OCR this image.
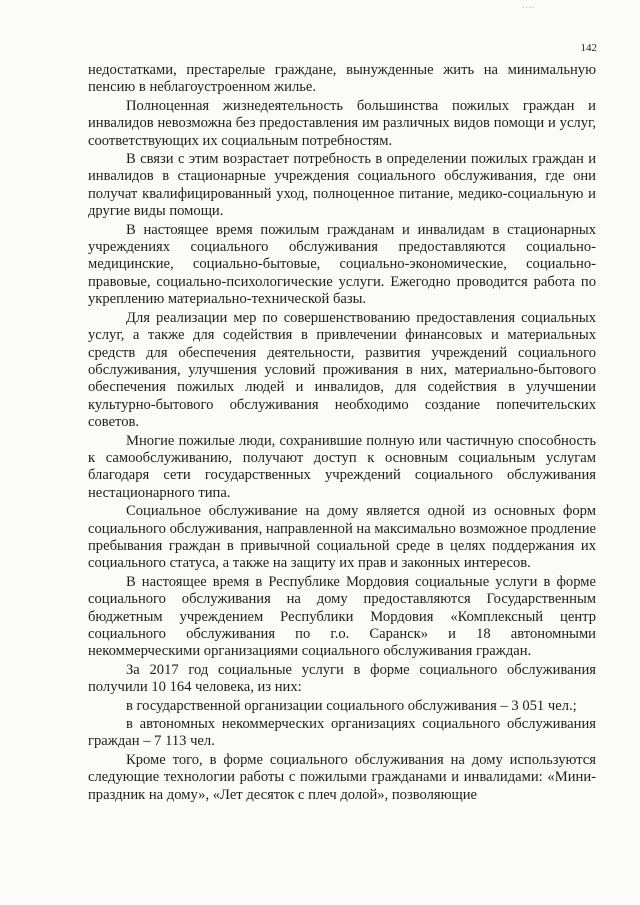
····
142

недостатками, престарелые граждане, вынужденные жить на минимальную пенсию в неблагоустроенном жилье.

Полноценная жизнедеятельность большинства пожилых граждан и инвалидов невозможна без предоставления им различных видов помощи и услуг, соответствующих их социальным потребностям.

В связи с этим возрастает потребность в определении пожилых граждан и инвалидов в стационарные учреждения социального обслуживания, где они получат квалифицированный уход, полноценное питание, медико-социальную и другие виды помощи.

В настоящее время пожилым гражданам и инвалидам в стационарных учреждениях социального обслуживания предоставляются социально-медицинские, социально-бытовые, социально-экономические, социально-правовые, социально-психологические услуги. Ежегодно проводится работа по укреплению материально-технической базы.

Для реализации мер по совершенствованию предоставления социальных услуг, а также для содействия в привлечении финансовых и материальных средств для обеспечения деятельности, развития учреждений социального обслуживания, улучшения условий проживания в них, материально-бытового обеспечения пожилых людей и инвалидов, для содействия в улучшении культурно-бытового обслуживания необходимо создание попечительских советов.

Многие пожилые люди, сохранившие полную или частичную способность к самообслуживанию, получают доступ к основным социальным услугам благодаря сети государственных учреждений социального обслуживания нестационарного типа.

Социальное обслуживание на дому является одной из основных форм социального обслуживания, направленной на максимально возможное продление пребывания граждан в привычной социальной среде в целях поддержания их социального статуса, а также на защиту их прав и законных интересов.

В настоящее время в Республике Мордовия социальные услуги в форме социального обслуживания на дому предоставляются Государственным бюджетным учреждением Республики Мордовия «Комплексный центр социального обслуживания по г.о. Саранск» и 18 автономными некоммерческими организациями социального обслуживания граждан.

За 2017 год социальные услуги в форме социального обслуживания получили 10 164 человека, из них:

в государственной организации социального обслуживания – 3 051 чел.;

в автономных некоммерческих организациях социального обслуживания граждан – 7 113 чел.

Кроме того, в форме социального обслуживания на дому используются следующие технологии работы с пожилыми гражданами и инвалидами: «Мини-праздник на дому», «Лет десяток с плеч долой», позволяющие
